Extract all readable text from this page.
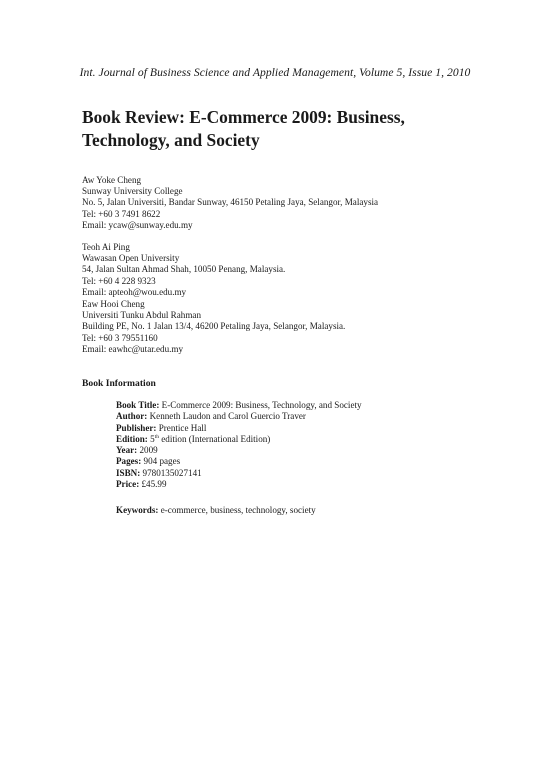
Int. Journal of Business Science and Applied Management, Volume 5, Issue 1, 2010
Book Review: E-Commerce 2009: Business, Technology, and Society
Aw Yoke Cheng
Sunway University College
No. 5, Jalan Universiti, Bandar Sunway, 46150 Petaling Jaya, Selangor, Malaysia
Tel: +60 3 7491 8622
Email: ycaw@sunway.edu.my
Teoh Ai Ping
Wawasan Open University
54, Jalan Sultan Ahmad Shah, 10050 Penang, Malaysia.
Tel: +60 4 228 9323
Email: apteoh@wou.edu.my
Eaw Hooi Cheng
Universiti Tunku Abdul Rahman
Building PE, No. 1 Jalan 13/4, 46200 Petaling Jaya, Selangor, Malaysia.
Tel: +60 3 79551160
Email: eawhc@utar.edu.my
Book Information
Book Title: E-Commerce 2009: Business, Technology, and Society
Author: Kenneth Laudon and Carol Guercio Traver
Publisher: Prentice Hall
Edition: 5th edition (International Edition)
Year: 2009
Pages: 904 pages
ISBN: 9780135027141
Price: £45.99
Keywords: e-commerce, business, technology, society
